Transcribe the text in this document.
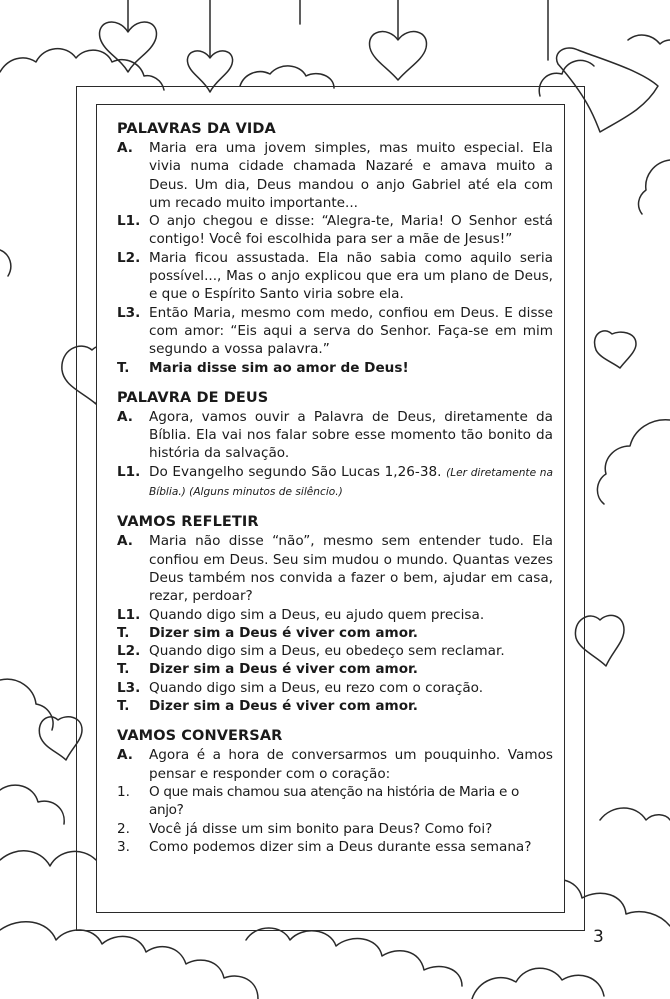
PALAVRAS DA VIDA
A.	Maria era uma jovem simples, mas muito especial. Ela vivia numa cidade chamada Nazaré e amava muito a Deus. Um dia, Deus mandou o anjo Gabriel até ela com um recado muito importante...
L1. O anjo chegou e disse: “Alegra-te, Maria! O Senhor está contigo! Você foi escolhida para ser a mãe de Jesus!”
L2. Maria ficou assustada. Ela não sabia como aquilo seria possível..., Mas o anjo explicou que era um plano de Deus, e que o Espírito Santo viria sobre ela.
L3. Então Maria, mesmo com medo, confiou em Deus. E disse com amor: “Eis aqui a serva do Senhor. Faça-se em mim segundo a vossa palavra.”
T.	Maria disse sim ao amor de Deus!
PALAVRA DE DEUS
A.	Agora, vamos ouvir a Palavra de Deus, diretamente da Bíblia. Ela vai nos falar sobre esse momento tão bonito da história da salvação.
L1. Do Evangelho segundo São Lucas 1,26-38. (Ler diretamente na Bíblia.) (Alguns minutos de silêncio.)
VAMOS REFLETIR
A.	Maria não disse “não”, mesmo sem entender tudo. Ela confiou em Deus. Seu sim mudou o mundo. Quantas vezes Deus também nos convida a fazer o bem, ajudar em casa, rezar, perdoar?
L1. Quando digo sim a Deus, eu ajudo quem precisa.
T.	Dizer sim a Deus é viver com amor.
L2. Quando digo sim a Deus, eu obedeço sem reclamar.
T.	Dizer sim a Deus é viver com amor.
L3. Quando digo sim a Deus, eu rezo com o coração.
T.	Dizer sim a Deus é viver com amor.
VAMOS CONVERSAR
A.	Agora é a hora de conversarmos um pouquinho. Vamos pensar e responder com o coração:
1.	O que mais chamou sua atenção na história de Maria e o anjo?
2.	Você já disse um sim bonito para Deus? Como foi?
3.	Como podemos dizer sim a Deus durante essa semana?
3
